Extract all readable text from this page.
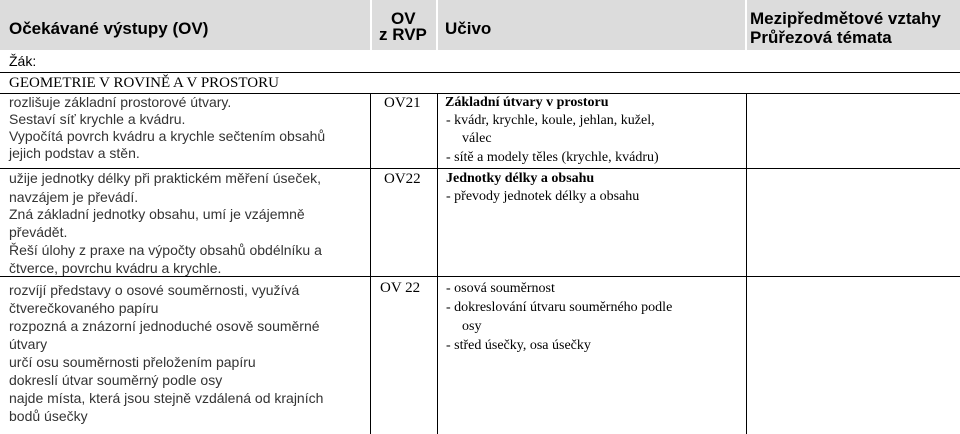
Očekávané výstupy (OV)
OV
z RVP Učivo
Mezipředmětové vztahy
Průřezová témata
Žák:
GEOMETRIE V ROVINĚ A V PROSTORU
rozlišuje základní prostorové útvary.
Sestaví síť krychle a kvádru.
Vypočítá povrch kvádru a krychle sečtením obsahů
jejich podstav a stěn.
OV21 Základní útvary v prostoru
- kvádr, krychle, koule, jehlan, kužel,
válec
- sítě a modely těles (krychle, kvádru)
užije jednotky délky při praktickém měření úseček,
navzájem je převádí.
Zná základní jednotky obsahu, umí je vzájemně
převádět.
Řeší úlohy z praxe na výpočty obsahů obdélníku a
čtverce, povrchu kvádru a krychle.
OV22 Jednotky délky a obsahu
- převody jednotek délky a obsahu
rozvíjí představy o osové souměrnosti, využívá
čtverečkovaného papíru
rozpozná a znázorní jednoduché osově souměrné
útvary
určí osu souměrnosti přeložením papíru
dokreslí útvar souměrný podle osy
najde místa, která jsou stejně vzdálená od krajních
bodů úsečky
OV 22 - osová souměrnost
- dokreslování útvaru souměrného podle
osy
- střed úsečky, osa úsečky
